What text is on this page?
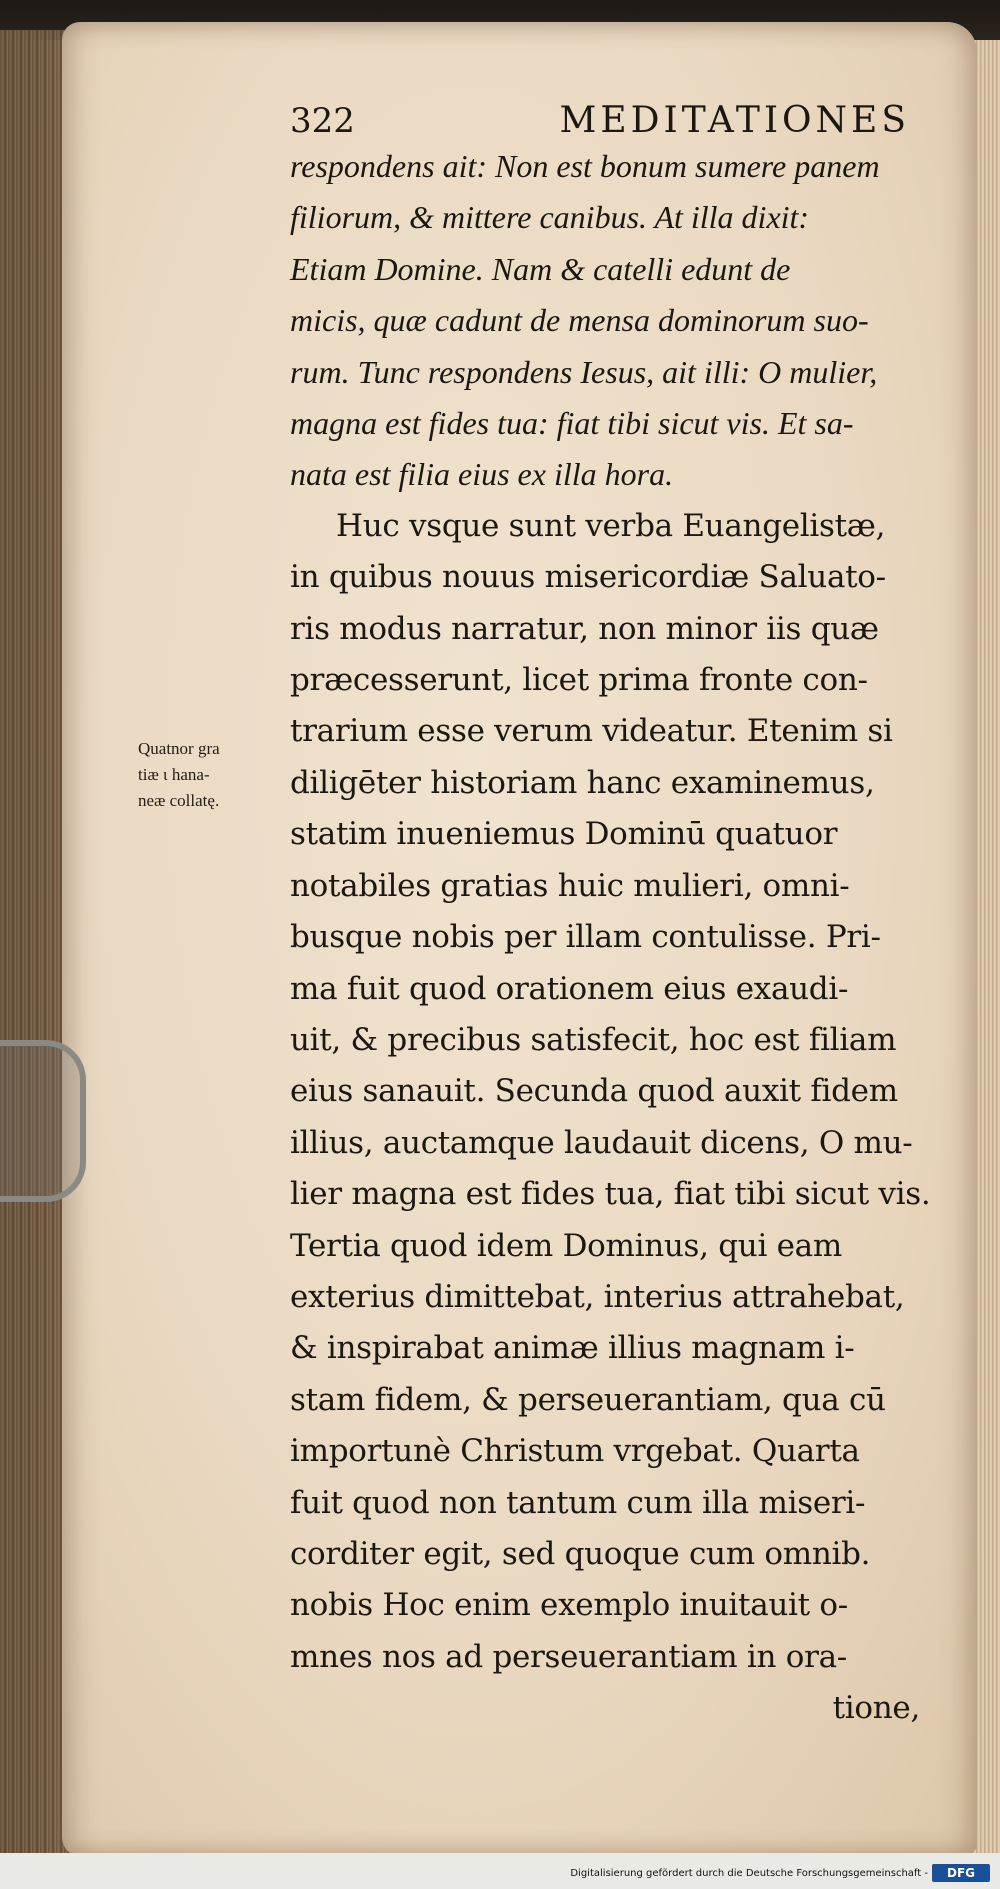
322	MEDITATIONES
respondens ait: Non est bonum sumere panem
filiorum, & mittere canibus. At illa dixit:
Etiam Domine. Nam & catelli edunt de
micis, quæ cadunt de mensa dominorum suo-
rum. Tunc respondens Iesus, ait illi: O mulier,
magna est fides tua: fiat tibi sicut vis. Et sa-
nata est filia eius ex illa hora.
Huc vsque sunt verba Euangelistæ,
in quibus nouus misericordiæ Saluato-
ris modus narratur, non minor iis quæ
præcesserunt, licet prima fronte con-
trarium esse verum videatur. Etenim si
diligēter historiam hanc examinemus,
statim inueniemus Dominū quatuor
notabiles gratias huic mulieri, omni-
busque nobis per illam contulisse. Pri-
ma fuit quod orationem eius exaudi-
uit, & precibus satisfecit, hoc est filiam
eius sanauit. Secunda quod auxit fidem
illius, auctamque laudauit dicens, O mu-
lier magna est fides tua, fiat tibi sicut vis.
Tertia quod idem Dominus, qui eam
exterius dimittebat, interius attrahebat,
& inspirabat animæ illius magnam i-
stam fidem, & perseuerantiam, qua cū
importunè Christum vrgebat. Quarta
fuit quod non tantum cum illa miseri-
corditer egit, sed quoque cum omnib.
nobis Hoc enim exemplo inuitauit o-
mnes nos ad perseuerantiam in ora-
tione,
Quatnor gra
tiæ ι hana-
neæ collatę.
Digitalisierung gefördert durch die Deutsche Forschungsgemeinschaft -	DFG
